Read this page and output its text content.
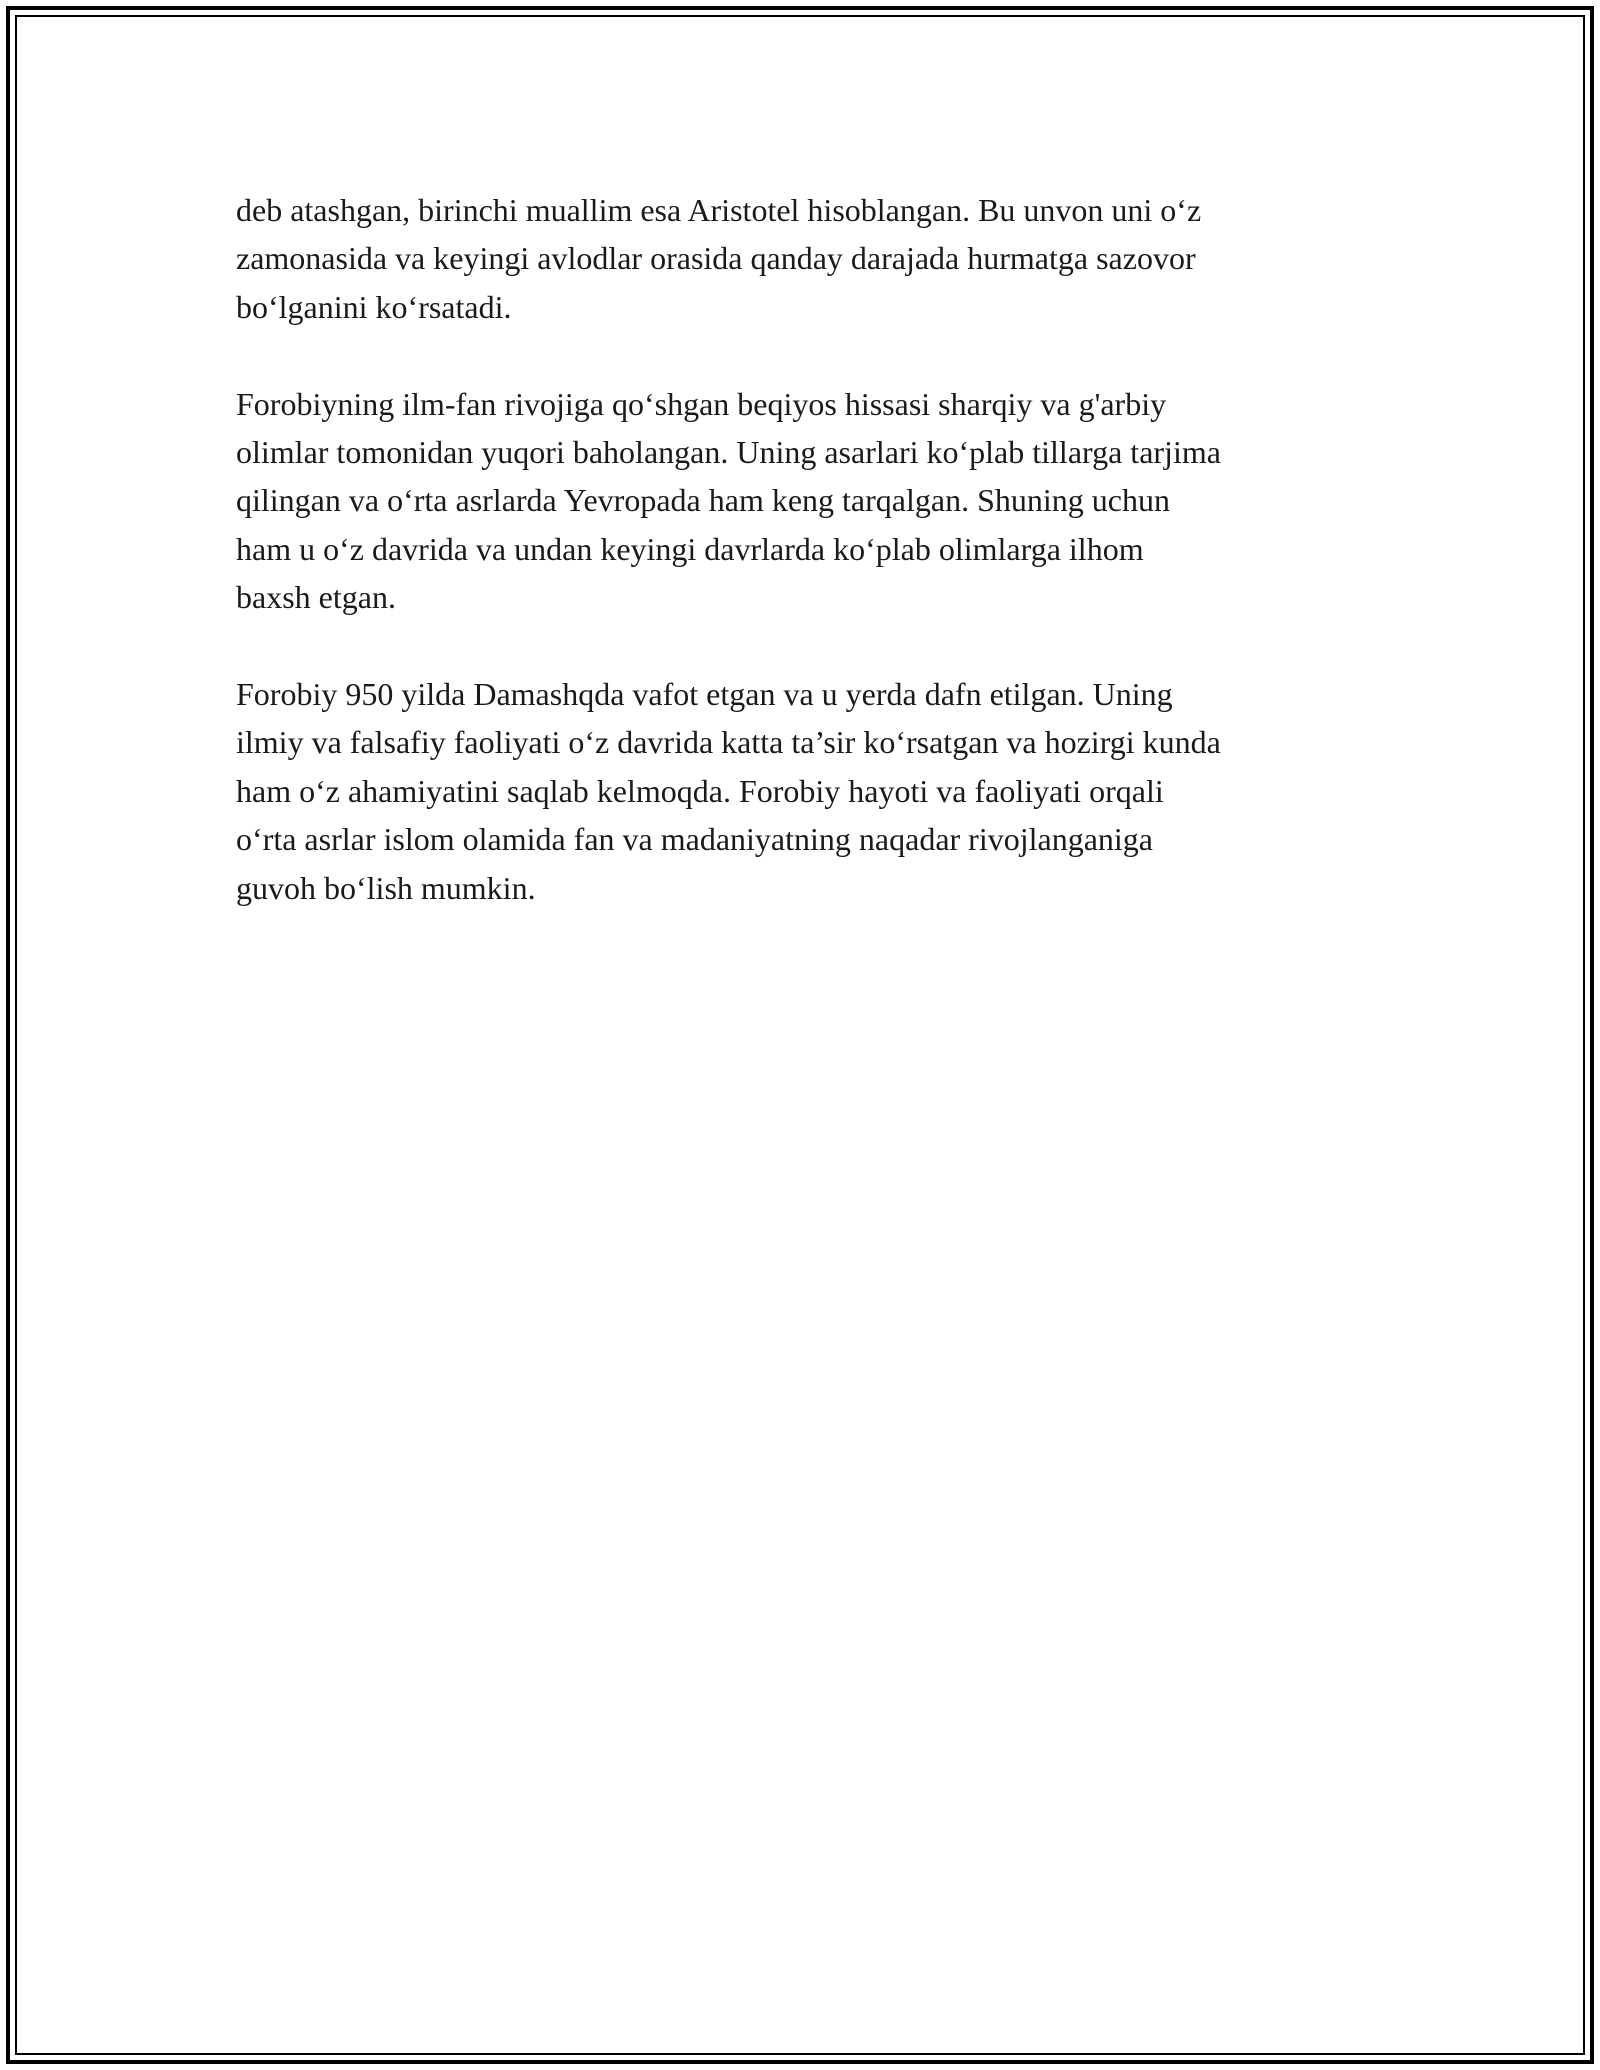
deb atashgan, birinchi muallim esa Aristotel hisoblangan. Bu unvon uni o‘z
zamonasida va keyingi avlodlar orasida qanday darajada hurmatga sazovor
bo‘lganini ko‘rsatadi.

Forobiyning ilm-fan rivojiga qo‘shgan beqiyos hissasi sharqiy va g'arbiy
olimlar tomonidan yuqori baholangan. Uning asarlari ko‘plab tillarga tarjima
qilingan va o‘rta asrlarda Yevropada ham keng tarqalgan. Shuning uchun
ham u o‘z davrida va undan keyingi davrlarda ko‘plab olimlarga ilhom
baxsh etgan.

Forobiy 950 yilda Damashqda vafot etgan va u yerda dafn etilgan. Uning
ilmiy va falsafiy faoliyati o‘z davrida katta ta’sir ko‘rsatgan va hozirgi kunda
ham o‘z ahamiyatini saqlab kelmoqda. Forobiy hayoti va faoliyati orqali
o‘rta asrlar islom olamida fan va madaniyatning naqadar rivojlanganiga
guvoh bo‘lish mumkin.
